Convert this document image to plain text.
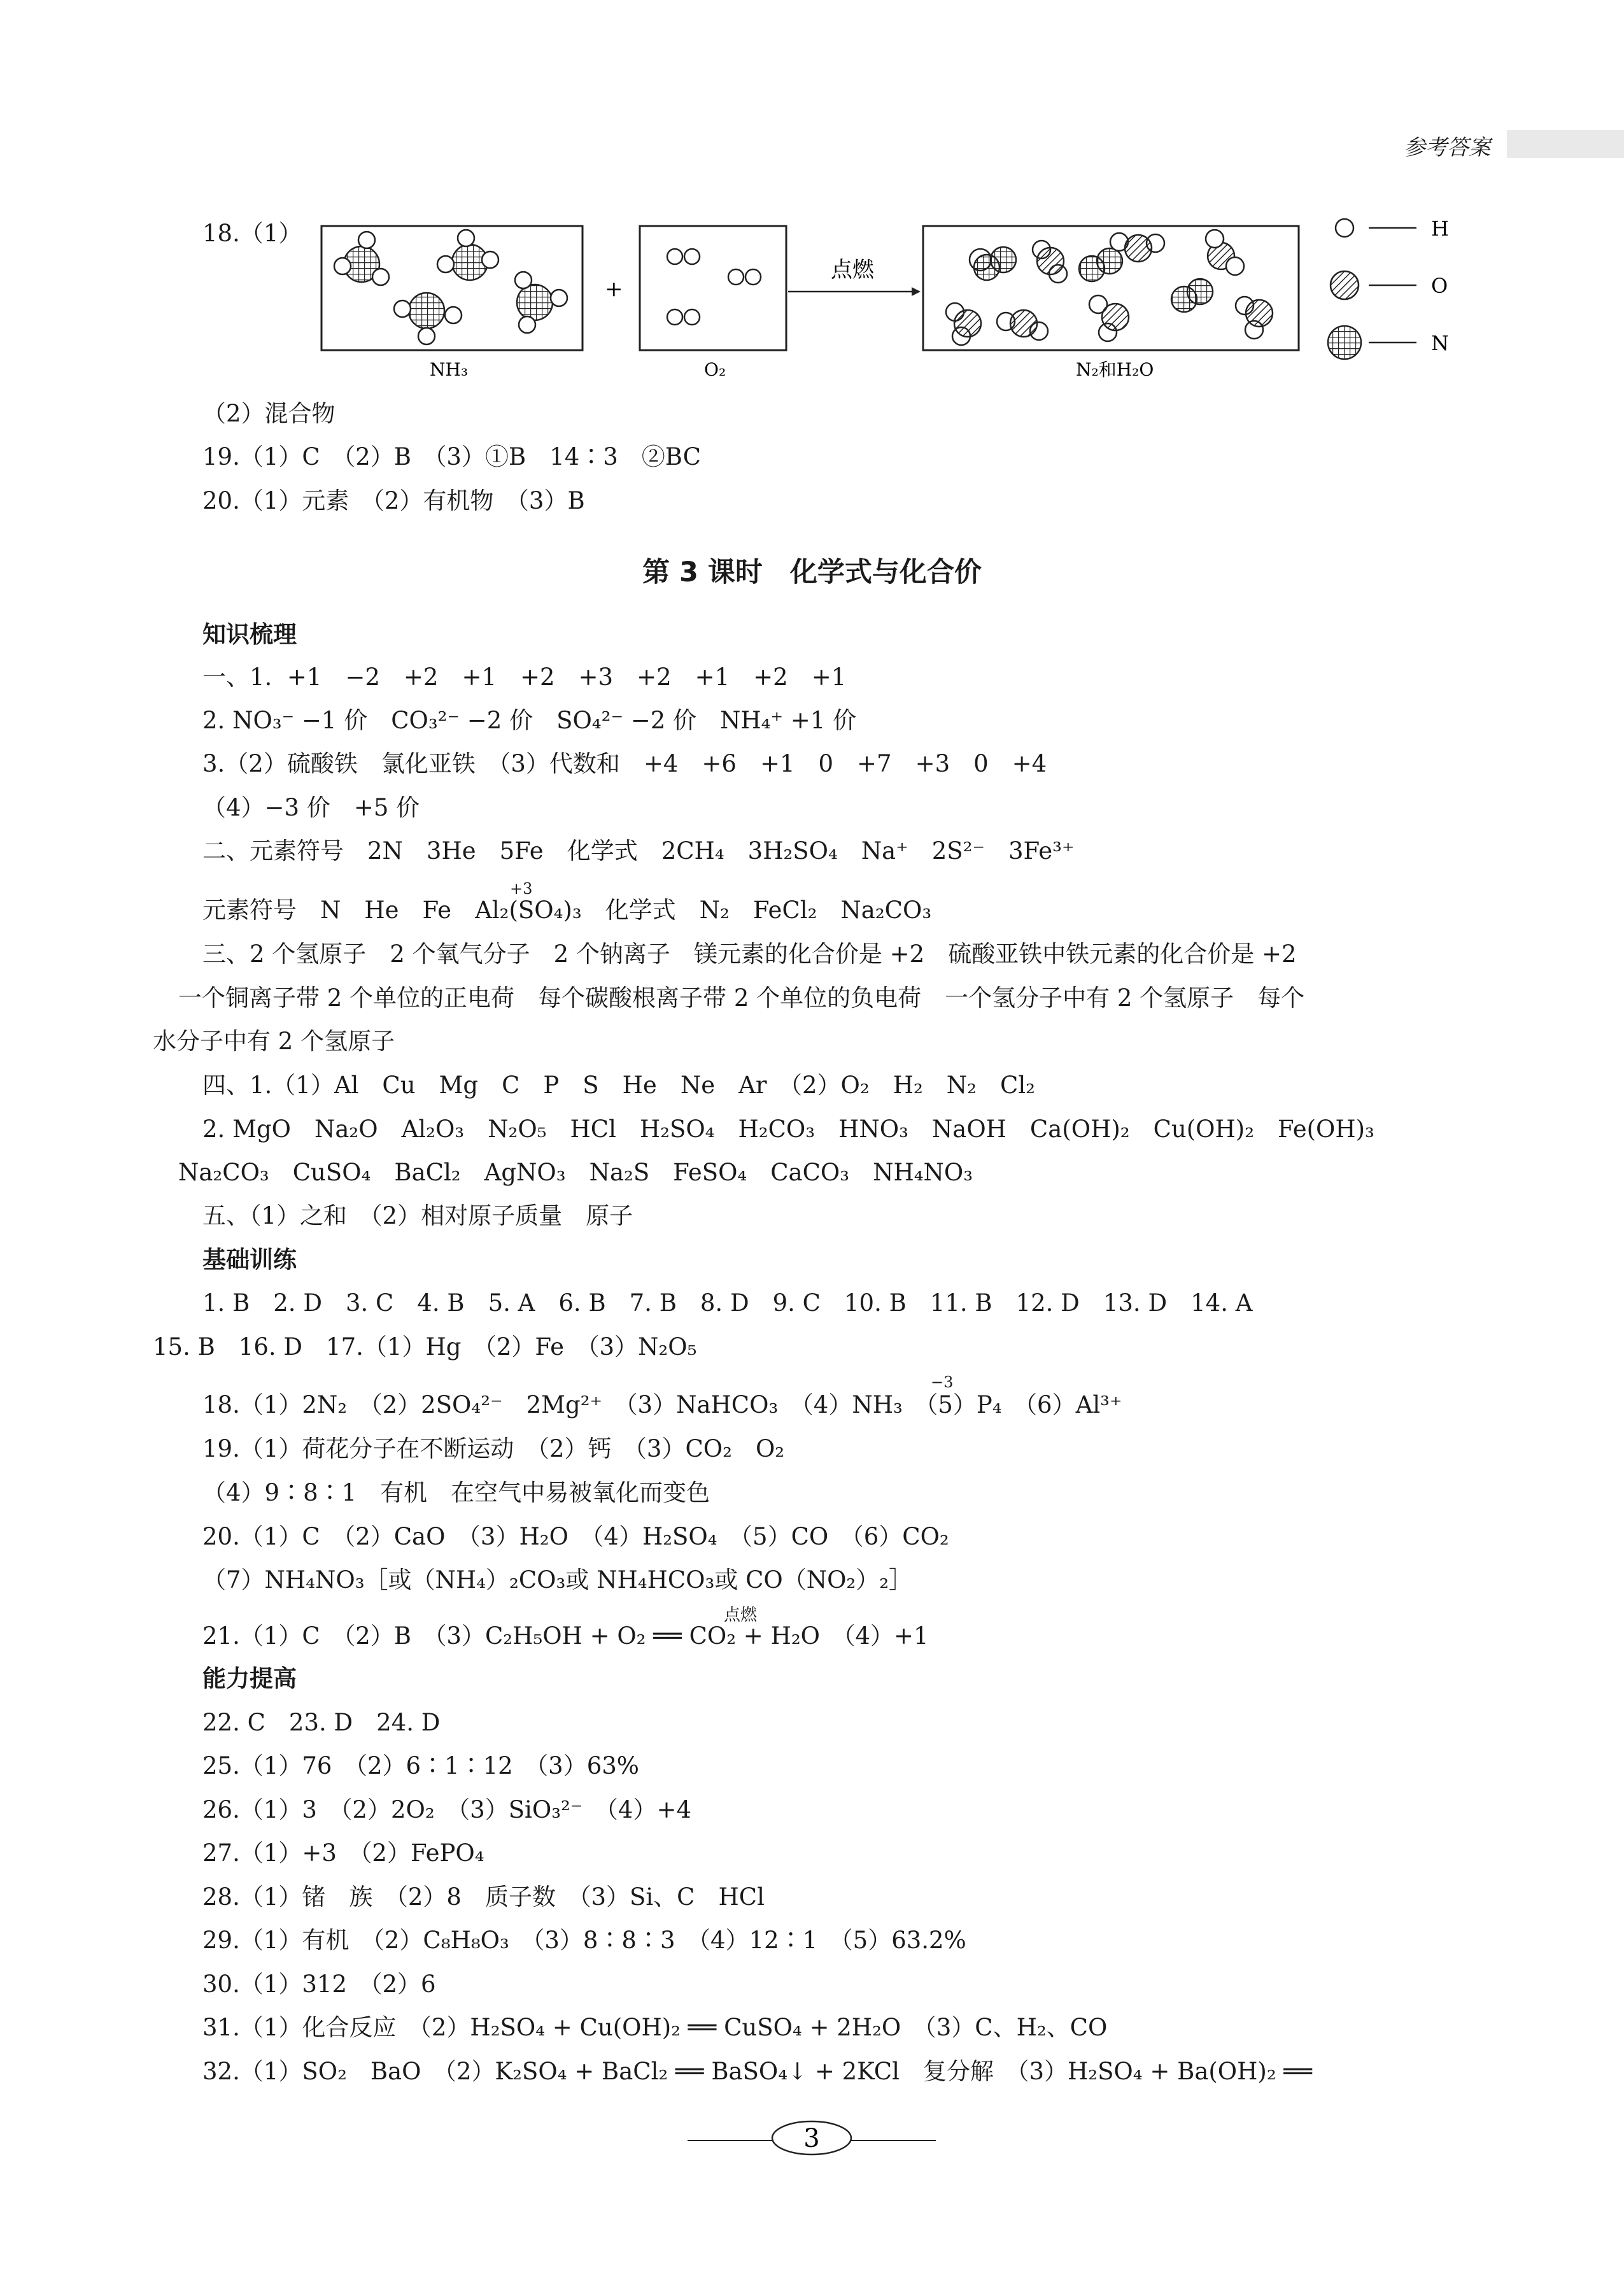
参考答案
18.（1）
NH₃
+
O₂
点燃
N₂和H₂O
H
O
N
（2）混合物
19.（1）C　（2）B　（3）①B　14∶3　②BC
20.（1）元素　（2）有机物　（3）B
第 3 课时　化学式与化合价
知识梳理
一、1.  +1　−2　+2　+1　+2　+3　+2　+1　+2　+1
2. NO₃⁻ −1 价　CO₃²⁻ −2 价　SO₄²⁻ −2 价　NH₄⁺ +1 价
3.（2）硫酸铁　氯化亚铁　（3）代数和　+4　+6　+1　0　+7　+3　0　+4
（4）−3 价　+5 价
二、元素符号　2N　3He　5Fe　化学式　2CH₄　3H₂SO₄　Na⁺　2S²⁻　3Fe³⁺
元素符号　N　He　Fe　Al₂(SO₄)₃　化学式　N₂　FeCl₂　Na₂CO₃
三、2 个氢原子　2 个氧气分子　2 个钠离子　镁元素的化合价是 +2　硫酸亚铁中铁元素的化合价是 +2
一个铜离子带 2 个单位的正电荷　每个碳酸根离子带 2 个单位的负电荷　一个氢分子中有 2 个氢原子　每个
水分子中有 2 个氢原子
四、1.（1）Al　Cu　Mg　C　P　S　He　Ne　Ar　（2）O₂　H₂　N₂　Cl₂
2. MgO　Na₂O　Al₂O₃　N₂O₅　HCl　H₂SO₄　H₂CO₃　HNO₃　NaOH　Ca(OH)₂　Cu(OH)₂　Fe(OH)₃
Na₂CO₃　CuSO₄　BaCl₂　AgNO₃　Na₂S　FeSO₄　CaCO₃　NH₄NO₃
五、（1）之和　（2）相对原子质量　原子
基础训练
1. B　2. D　3. C　4. B　5. A　6. B　7. B　8. D　9. C　10. B　11. B　12. D　13. D　14. A
15. B　16. D　17.（1）Hg　（2）Fe　（3）N₂O₅
18.（1）2N₂　（2）2SO₄²⁻　2Mg²⁺　（3）NaHCO₃　（4）NH₃　（5）P₄　（6）Al³⁺
−3
+3
19.（1）荷花分子在不断运动　（2）钙　（3）CO₂　O₂
（4）9∶8∶1　有机　在空气中易被氧化而变色
20.（1）C　（2）CaO　（3）H₂O　（4）H₂SO₄　（5）CO　（6）CO₂
（7）NH₄NO₃［或（NH₄）₂CO₃或 NH₄HCO₃或 CO（NO₂）₂］
21.（1）C　（2）B　（3）C₂H₅OH + O₂ ══ CO₂ + H₂O　（4）+1
点燃
能力提高
22. C　23. D　24. D
25.（1）76　（2）6∶1∶12　（3）63%
26.（1）3　（2）2O₂　（3）SiO₃²⁻　（4）+4
27.（1）+3　（2）FePO₄
28.（1）锗　族　（2）8　质子数　（3）Si、C　HCl
29.（1）有机　（2）C₈H₈O₃　（3）8∶8∶3　（4）12∶1　（5）63.2%
30.（1）312　（2）6
31.（1）化合反应　（2）H₂SO₄ + Cu(OH)₂ ══ CuSO₄ + 2H₂O　（3）C、H₂、CO
32.（1）SO₂　BaO　（2）K₂SO₄ + BaCl₂ ══ BaSO₄↓ + 2KCl　复分解　（3）H₂SO₄ + Ba(OH)₂ ══
3
